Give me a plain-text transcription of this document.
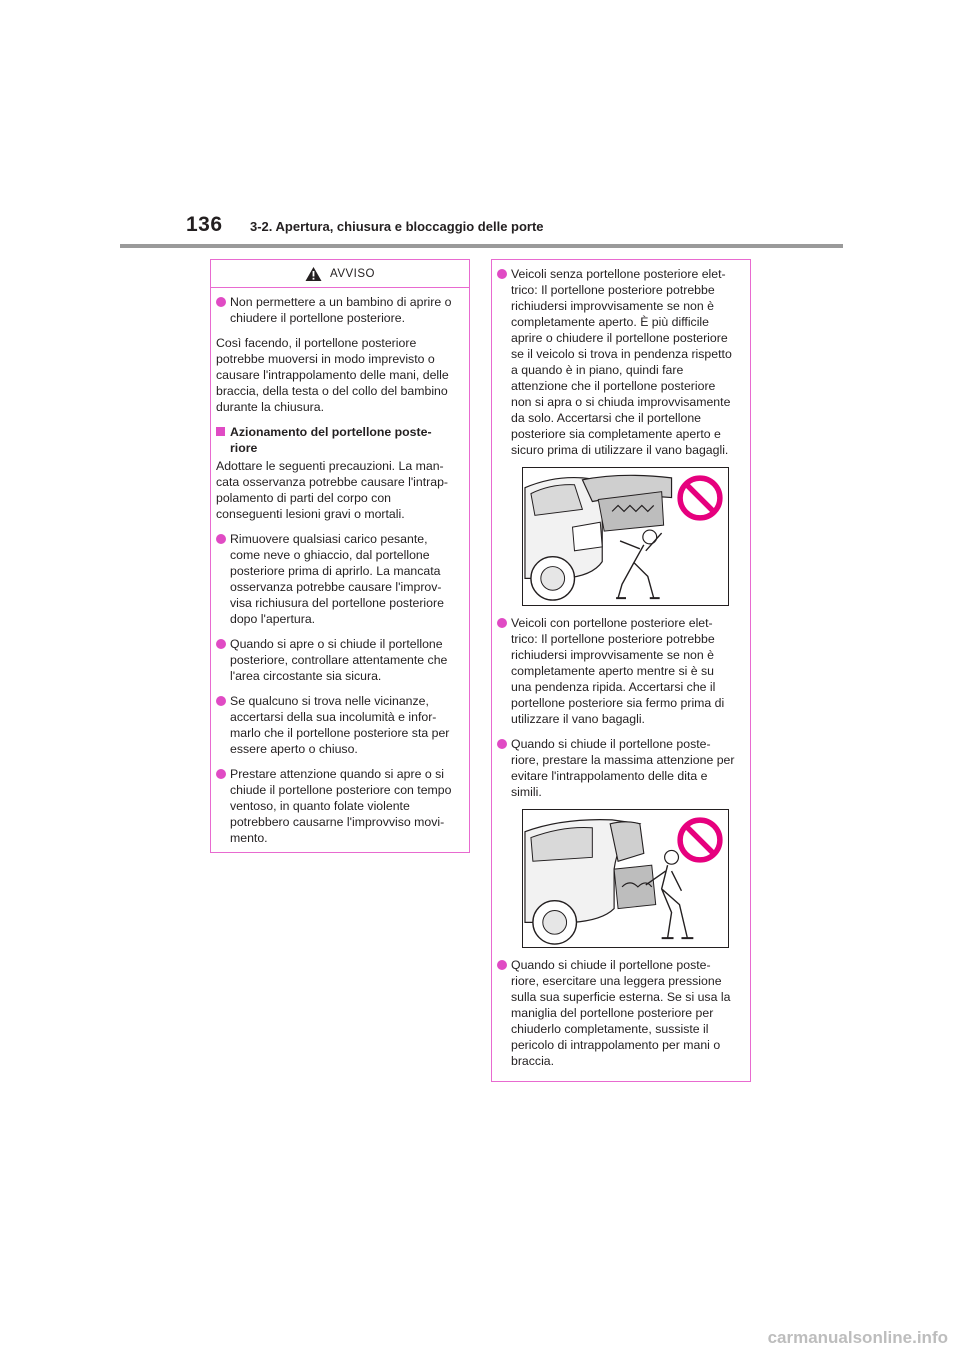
136 3-2. Apertura, chiusura e bloccaggio delle porte
AVVISO
Non permettere a un bambino di aprire o chiudere il portellone posteriore.
Così facendo, il portellone posteriore potrebbe muoversi in modo imprevisto o causare l'intrappolamento delle mani, delle braccia, della testa o del collo del bambino durante la chiusura.
Azionamento del portellone poste-riore
Adottare le seguenti precauzioni. La man-cata osservanza potrebbe causare l'intrap-polamento di parti del corpo con conseguenti lesioni gravi o mortali.
Rimuovere qualsiasi carico pesante, come neve o ghiaccio, dal portellone posteriore prima di aprirlo. La mancata osservanza potrebbe causare l'improv-visa richiusura del portellone posteriore dopo l'apertura.
Quando si apre o si chiude il portellone posteriore, controllare attentamente che l'area circostante sia sicura.
Se qualcuno si trova nelle vicinanze, accertarsi della sua incolumità e infor-marlo che il portellone posteriore sta per essere aperto o chiuso.
Prestare attenzione quando si apre o si chiude il portellone posteriore con tempo ventoso, in quanto folate violente potrebbero causarne l'improvviso movi-mento.
Veicoli senza portellone posteriore elet-trico: Il portellone posteriore potrebbe richiudersi improvvisamente se non è completamente aperto. È più difficile aprire o chiudere il portellone posteriore se il veicolo si trova in pendenza rispetto a quando è in piano, quindi fare attenzione che il portellone posteriore non si apra o si chiuda improvvisamente da solo. Accertarsi che il portellone posteriore sia completamente aperto e sicuro prima di utilizzare il vano bagagli.
Veicoli con portellone posteriore elet-trico: Il portellone posteriore potrebbe richiudersi improvvisamente se non è completamente aperto mentre si è su una pendenza ripida. Accertarsi che il portellone posteriore sia fermo prima di utilizzare il vano bagagli.
Quando si chiude il portellone poste-riore, prestare la massima attenzione per evitare l'intrappolamento delle dita e simili.
Quando si chiude il portellone poste-riore, esercitare una leggera pressione sulla sua superficie esterna. Se si usa la maniglia del portellone posteriore per chiuderlo completamente, sussiste il pericolo di intrappolamento per mani o braccia.
carmanualsonline.info
